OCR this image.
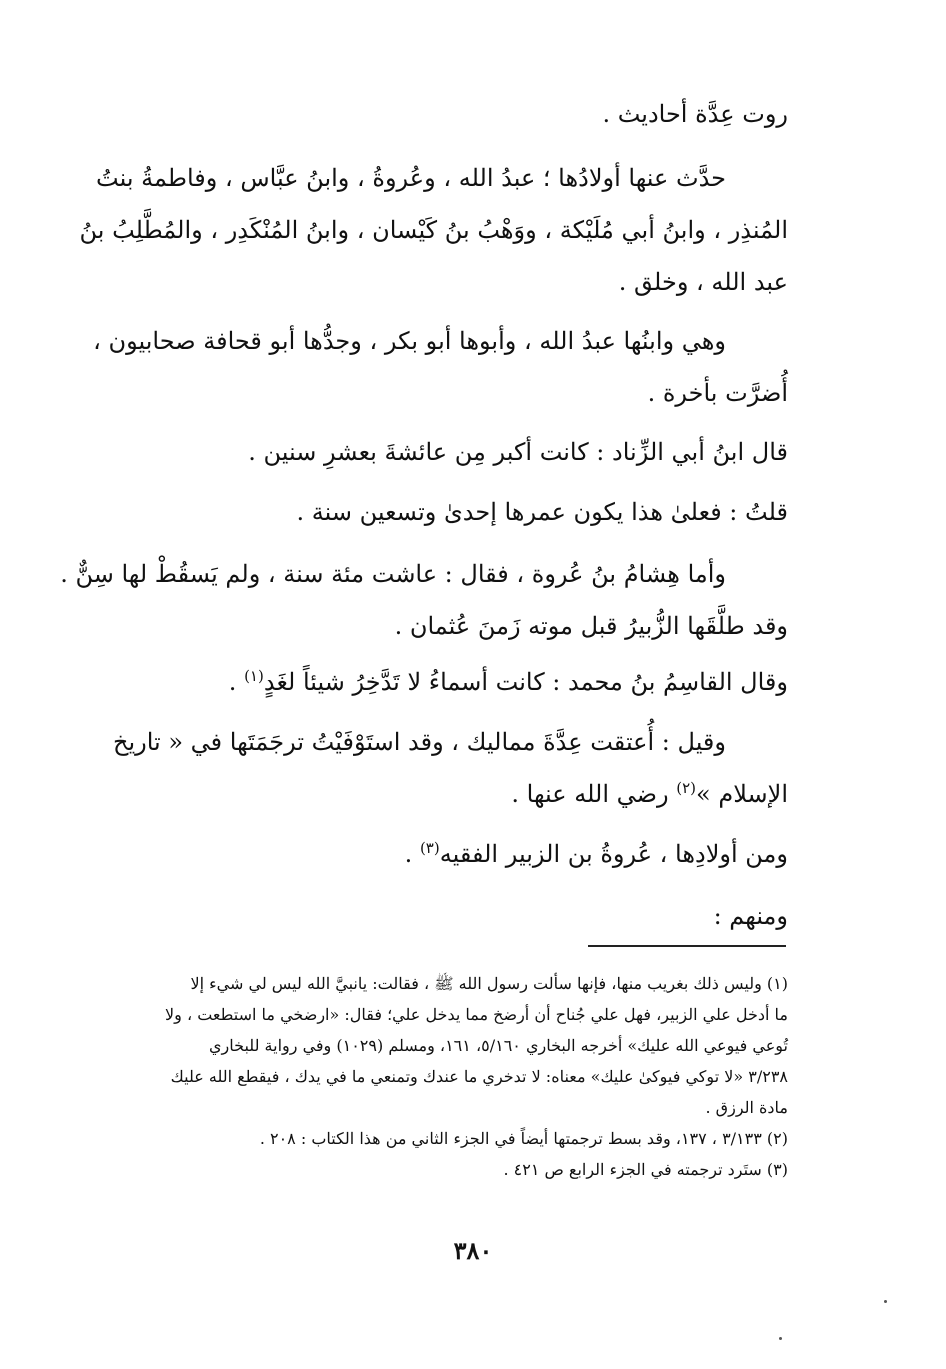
روت عِدَّة أحاديث .
حدَّث عنها أولادُها ؛ عبدُ الله ، وعُروةُ ، وابنُ عبَّاس ، وفاطمةُ بنتُ
المُنذِر ، وابنُ أبي مُلَيْكة ، ووَهْبُ بنُ كَيْسان ، وابنُ المُنْكَدِر ، والمُطَّلِبُ بنُ
عبد الله ، وخلق .
وهي وابنُها عبدُ الله ، وأبوها أبو بكر ، وجدُّها أبو قحافة صحابيون ،
أُضرَّت بأخرة .
قال ابنُ أبي الزِّناد : كانت أكبر مِن عائشةَ بعشرِ سنين .
قلتُ : فعلىٰ هذا يكون عمرها إحدىٰ وتسعين سنة .
وأما هِشامُ بنُ عُروة ، فقال : عاشت مئة سنة ، ولم يَسقُطْ لها سِنٌّ .
وقد طلَّقَها الزُّبيرُ قبل موته زَمنَ عُثمان .
وقال القاسِمُ بنُ محمد : كانت أسماءُ لا تَدَّخِرُ شيئاً لغَدٍ$^{(١)}$ .
وقيل : أُعتقت عِدَّةَ مماليك ، وقد استَوْفَيْتُ ترجَمَتَها في « تاريخ
الإسلام »$^{(٢)}$ رضي الله عنها .
ومن أولادِها ، عُروةُ بن الزبير الفقيه$^{(٣)}$ .
ومنهم :
(١) وليس ذلك بغريب منها، فإنها سألت رسول الله ﷺ ، فقالت: يانبيَّ الله ليس لي شيء إلا
ما أدخل علي الزبير، فهل علي جُناح أن أرضخ مما يدخل علي؛ فقال: «ارضخي ما استطعت ، ولا
تُوعي فيوعي الله عليك» أخرجه البخاري ٥/١٦٠، ١٦١، ومسلم (١٠٢٩) وفي رواية للبخاري
٣/٢٣٨ «لا توكي فيوكىٰ عليك» معناه: لا تدخري ما عندك وتمنعي ما في يدك ، فيقطع الله عليك
مادة الرزق .
(٢) ٣/١٣٣ ، ١٣٧، وقد بسط ترجمتها أيضاً في الجزء الثاني من هذا الكتاب : ٢٠٨ .
(٣) ستَرد ترجمته في الجزء الرابع ص ٤٢١ .
٣٨٠
